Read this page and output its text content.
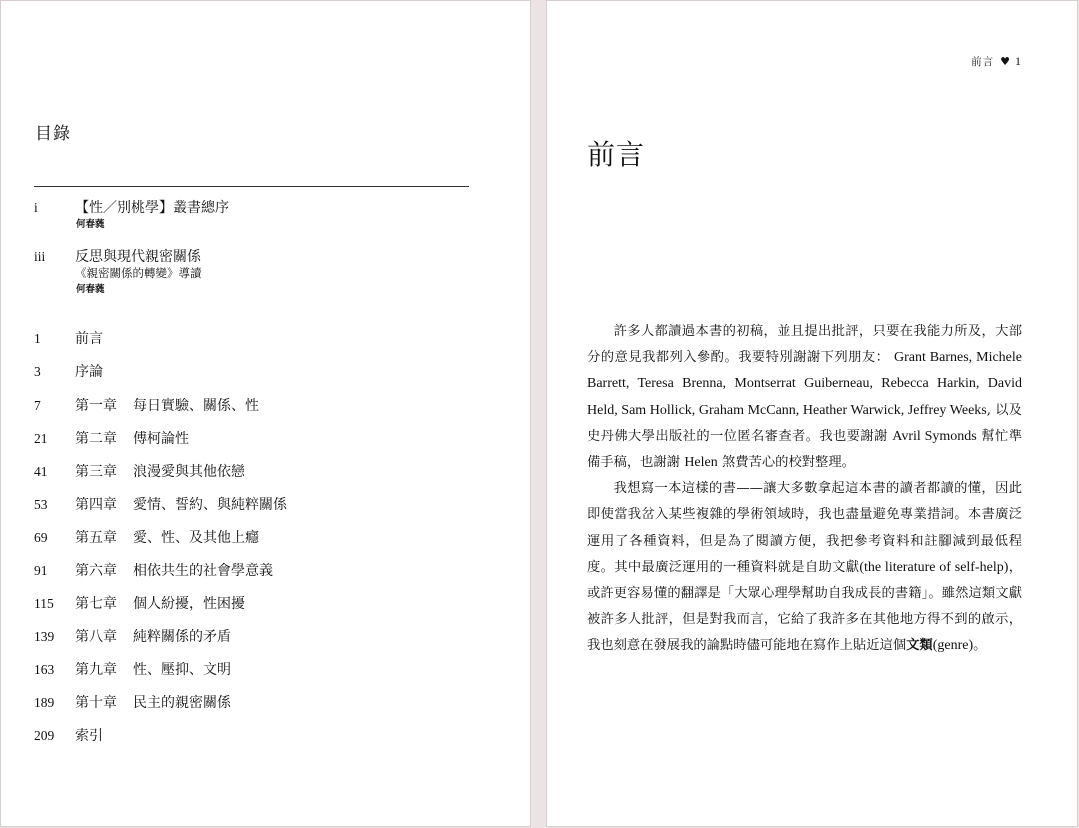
目錄
i	【性／別桃學】叢書總序
何春蕤
iii 反思與現代親密關係
《親密關係的轉變》導讀
何春蕤
1 前言
3 序論
7 第一章 每日實驗、關係、性
21 第二章 傅柯論性
41 第三章 浪漫愛與其他依戀
53 第四章 愛情、誓約、與純粹關係
69 第五章 愛、性、及其他上癮
91 第六章 相依共生的社會學意義
115 第七章 個人紛擾，性困擾
139 第八章 純粹關係的矛盾
163 第九章 性、壓抑、文明
189 第十章 民主的親密關係
209 索引
前言 ♥ 1
前言

許多人都讀過本書的初稿，並且提出批評，只要在我能力所及，大部分的意見我都列入參酌。我要特別謝謝下列朋友： Grant Barnes, Michele Barrett, Teresa Brenna, Montserrat Guiberneau, Rebecca Harkin, David Held, Sam Hollick, Graham McCann, Heather Warwick, Jeffrey Weeks, 以及史丹佛大學出版社的一位匿名審查者。我也要謝謝 Avril Symonds 幫忙準備手稿，也謝謝 Helen 煞費苦心的校對整理。

我想寫一本這樣的書——讓大多數拿起這本書的讀者都讀的懂，因此即使當我岔入某些複雜的學術領域時，我也盡量避免專業措詞。本書廣泛運用了各種資料，但是為了閱讀方便，我把參考資料和註腳減到最低程度。其中最廣泛運用的一種資料就是自助文獻(the literature of self-help)，或許更容易懂的翻譯是「大眾心理學幫助自我成長的書籍」。雖然這類文獻被許多人批評，但是對我而言，它給了我許多在其他地方得不到的啟示，我也刻意在發展我的論點時儘可能地在寫作上貼近這個文類(genre)。
